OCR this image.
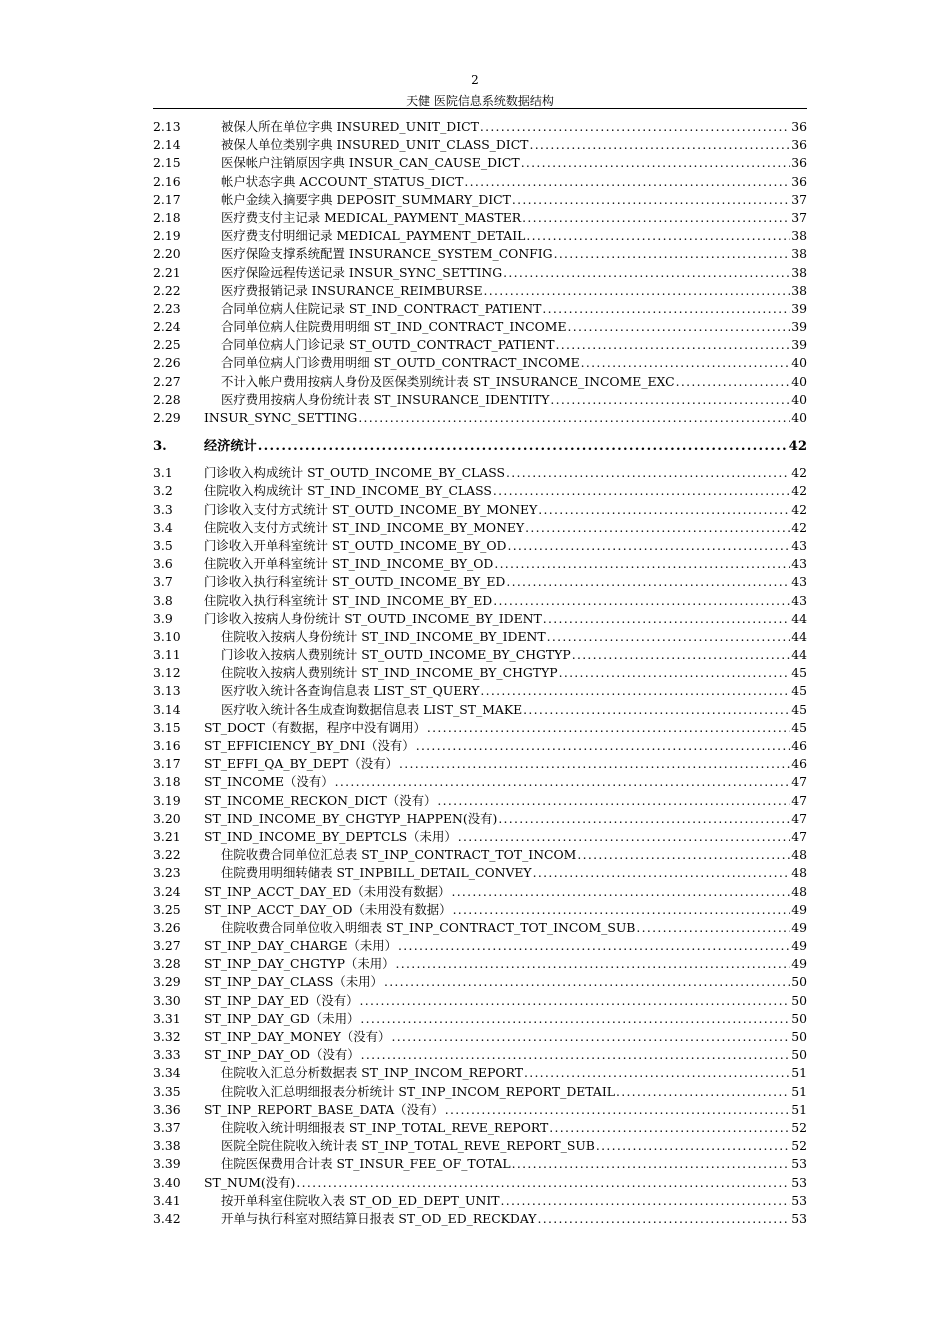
2
天健 医院信息系统数据结构
2.13	被保人所在单位字典 INSURED_UNIT_DICT .....	36
2.14	被保人单位类别字典 INSURED_UNIT_CLASS_DICT .....	36
2.15	医保帐户注销原因字典 INSUR_CAN_CAUSE_DICT .....	36
2.16	帐户状态字典 ACCOUNT_STATUS_DICT .....	36
2.17	帐户金续入摘要字典 DEPOSIT_SUMMARY_DICT .....	37
2.18	医疗费支付主记录 MEDICAL_PAYMENT_MASTER .....	37
2.19	医疗费支付明细记录 MEDICAL_PAYMENT_DETAIL .....	38
2.20	医疗保险支撑系统配置 INSURANCE_SYSTEM_CONFIG .....	38
2.21	医疗保险远程传送记录 INSUR_SYNC_SETTING .....	38
2.22	医疗费报销记录 INSURANCE_REIMBURSE .....	38
2.23	合同单位病人住院记录 ST_IND_CONTRACT_PATIENT .....	39
2.24	合同单位病人住院费用明细 ST_IND_CONTRACT_INCOME .....	39
2.25	合同单位病人门诊记录 ST_OUTD_CONTRACT_PATIENT .....	39
2.26	合同单位病人门诊费用明细 ST_OUTD_CONTRACT_INCOME .....	40
2.27	不计入帐户费用按病人身份及医保类别统计表 ST_INSURANCE_INCOME_EXC .....	40
2.28	医疗费用按病人身份统计表 ST_INSURANCE_IDENTITY .....	40
2.29 INSUR_SYNC_SETTING .....	40
3.	经济统计 .....	42
3.1	门诊收入构成统计 ST_OUTD_INCOME_BY_CLASS .....	42
3.2	住院收入构成统计 ST_IND_INCOME_BY_CLASS .....	42
3.3	门诊收入支付方式统计 ST_OUTD_INCOME_BY_MONEY .....	42
3.4	住院收入支付方式统计 ST_IND_INCOME_BY_MONEY .....	42
3.5	门诊收入开单科室统计 ST_OUTD_INCOME_BY_OD .....	43
3.6	住院收入开单科室统计 ST_IND_INCOME_BY_OD .....	43
3.7	门诊收入执行科室统计 ST_OUTD_INCOME_BY_ED .....	43
3.8	住院收入执行科室统计 ST_IND_INCOME_BY_ED .....	43
3.9	门诊收入按病人身份统计 ST_OUTD_INCOME_BY_IDENT .....	44
3.10	住院收入按病人身份统计 ST_IND_INCOME_BY_IDENT .....	44
3.11	门诊收入按病人费别统计 ST_OUTD_INCOME_BY_CHGTYP .....	44
3.12	住院收入按病人费别统计 ST_IND_INCOME_BY_CHGTYP .....	45
3.13	医疗收入统计各查询信息表 LIST_ST_QUERY .....	45
3.14	医疗收入统计各生成查询数据信息表 LIST_ST_MAKE .....	45
3.15 ST_DOCT（有数据，程序中没有调用） .....	45
3.16 ST_EFFICIENCY_BY_DNI（没有） .....	46
3.17 ST_EFFI_QA_BY_DEPT（没有） .....	46
3.18 ST_INCOME（没有） .....	47
3.19 ST_INCOME_RECKON_DICT（没有） .....	47
3.20 ST_IND_INCOME_BY_CHGTYP_HAPPEN(没有) .....	47
3.21 ST_IND_INCOME_BY_DEPTCLS（未用） .....	47
3.22	住院收费合同单位汇总表 ST_INP_CONTRACT_TOT_INCOM .....	48
3.23	住院费用明细转储表 ST_INPBILL_DETAIL_CONVEY .....	48
3.24 ST_INP_ACCT_DAY_ED（未用没有数据） .....	48
3.25 ST_INP_ACCT_DAY_OD（未用没有数据） .....	49
3.26	住院收费合同单位收入明细表 ST_INP_CONTRACT_TOT_INCOM_SUB .....	49
3.27 ST_INP_DAY_CHARGE（未用） .....	49
3.28 ST_INP_DAY_CHGTYP（未用） .....	49
3.29 ST_INP_DAY_CLASS（未用） .....	50
3.30 ST_INP_DAY_ED（没有） .....	50
3.31 ST_INP_DAY_GD（未用） .....	50
3.32 ST_INP_DAY_MONEY（没有） .....	50
3.33 ST_INP_DAY_OD（没有） .....	50
3.34	住院收入汇总分析数据表 ST_INP_INCOM_REPORT .....	51
3.35	住院收入汇总明细报表分析统计 ST_INP_INCOM_REPORT_DETAIL .....	51
3.36 ST_INP_REPORT_BASE_DATA（没有） .....	51
3.37	住院收入统计明细报表 ST_INP_TOTAL_REVE_REPORT .....	52
3.38	医院全院住院收入统计表 ST_INP_TOTAL_REVE_REPORT_SUB .....	52
3.39	住院医保费用合计表 ST_INSUR_FEE_OF_TOTAL .....	53
3.40 ST_NUM(没有) .....	53
3.41	按开单科室住院收入表 ST_OD_ED_DEPT_UNIT .....	53
3.42	开单与执行科室对照结算日报表 ST_OD_ED_RECKDAY .....	53
